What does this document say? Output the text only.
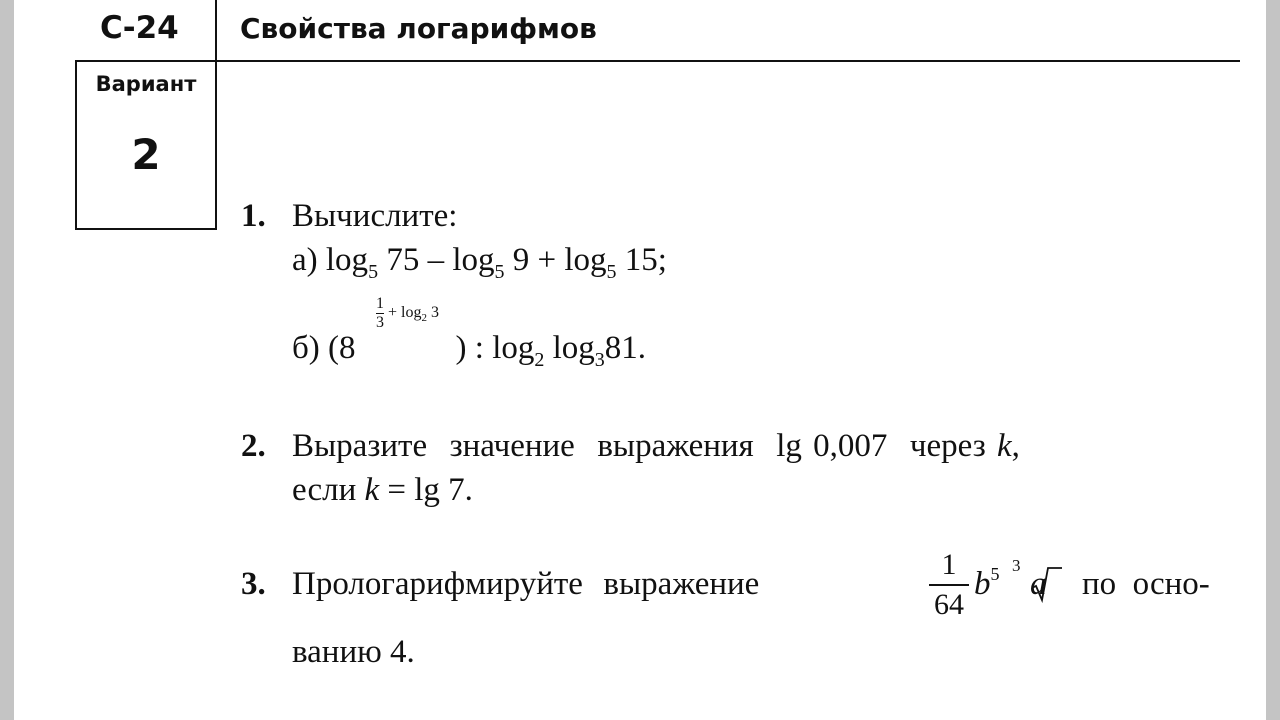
С-24	Свойства логарифмов
Вариант
2
1. Вычислите:
а) $\log_5 75 - \log_5 9 + \log_5 15$;
б) (8	) : $\log_2 \log_381$.
$\frac{1}{3} + \log_2 3$
2. Выразите  значение  выражения  lg 0,007  через k,
если k = lg 7.
3. Прологарифмируйте  выражение
1
64
$b^5$ 3
a по  осно-
ванию 4.
